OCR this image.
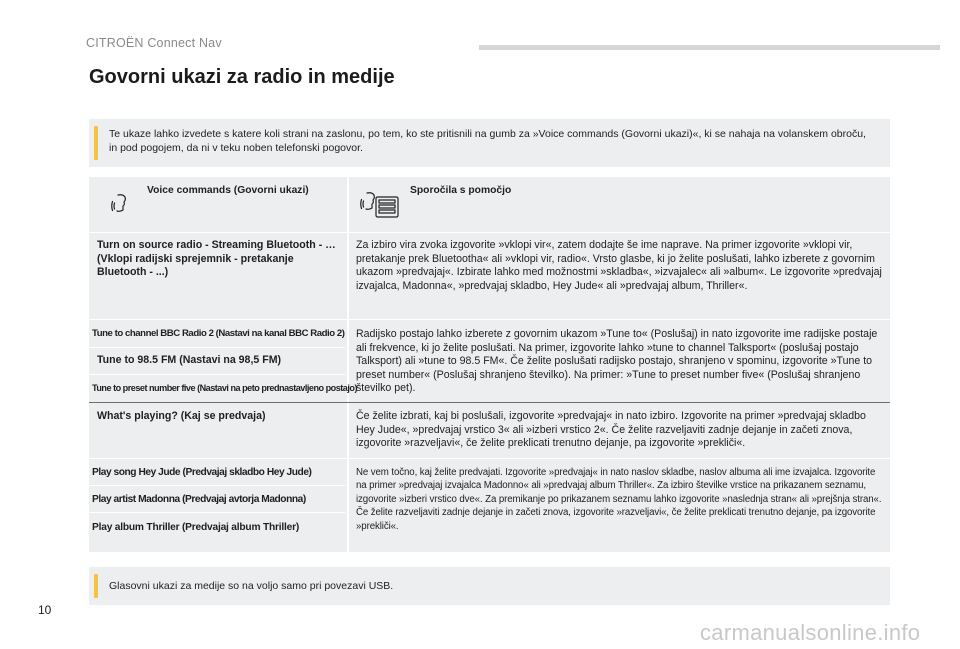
CITROËN Connect Nav
Govorni ukazi za radio in medije
Te ukaze lahko izvedete s katere koli strani na zaslonu, po tem, ko ste pritisnili na gumb za »Voice commands (Govorni ukazi)«, ki se nahaja na volanskem obroču, in pod pogojem, da ni v teku noben telefonski pogovor.
Voice commands (Govorni ukazi)	Sporočila s pomočjo
Turn on source radio - Streaming Bluetooth - … (Vklopi radijski sprejemnik - pretakanje Bluetooth - ...)
Za izbiro vira zvoka izgovorite »vklopi vir«, zatem dodajte še ime naprave. Na primer izgovorite »vklopi vir, pretakanje prek Bluetootha« ali »vklopi vir, radio«. Vrsto glasbe, ki jo želite poslušati, lahko izberete z govornim ukazom »predvajaj«. Izbirate lahko med možnostmi »skladba«, »izvajalec« ali »album«. Le izgovorite »predvajaj izvajalca, Madonna«, »predvajaj skladbo, Hey Jude« ali »predvajaj album, Thriller«.
Tune to channel BBC Radio 2 (Nastavi na kanal BBC Radio 2)
Tune to 98.5 FM (Nastavi na 98,5 FM)
Tune to preset number five (Nastavi na peto prednastavljeno postajo)
Radijsko postajo lahko izberete z govornim ukazom »Tune to« (Poslušaj) in nato izgovorite ime radijske postaje ali frekvence, ki jo želite poslušati. Na primer, izgovorite lahko »tune to channel Talksport« (poslušaj postajo Talksport) ali »tune to 98.5 FM«. Če želite poslušati radijsko postajo, shranjeno v spominu, izgovorite »Tune to preset number« (Poslušaj shranjeno številko). Na primer: »Tune to preset number five« (Poslušaj shranjeno številko pet).
What's playing? (Kaj se predvaja)	Če želite izbrati, kaj bi poslušali, izgovorite »predvajaj« in nato izbiro. Izgovorite na primer »predvajaj skladbo Hey Jude«, »predvajaj vrstico 3« ali »izberi vrstico 2«. Če želite razveljaviti zadnje dejanje in začeti znova, izgovorite »razveljavi«, če želite preklicati trenutno dejanje, pa izgovorite »prekliči«.
Play song Hey Jude (Predvajaj skladbo Hey Jude)
Play artist Madonna (Predvajaj avtorja Madonna)
Play album Thriller (Predvajaj album Thriller)
Ne vem točno, kaj želite predvajati. Izgovorite »predvajaj« in nato naslov skladbe, naslov albuma ali ime izvajalca. Izgovorite na primer »predvajaj izvajalca Madonno« ali »predvajaj album Thriller«. Za izbiro številke vrstice na prikazanem seznamu, izgovorite »izberi vrstico dve«. Za premikanje po prikazanem seznamu lahko izgovorite »naslednja stran« ali »prejšnja stran«. Če želite razveljaviti zadnje dejanje in začeti znova, izgovorite »razveljavi«, če želite preklicati trenutno dejanje, pa izgovorite »prekliči«.
Glasovni ukazi za medije so na voljo samo pri povezavi USB.
10
carmanualsonline.info
